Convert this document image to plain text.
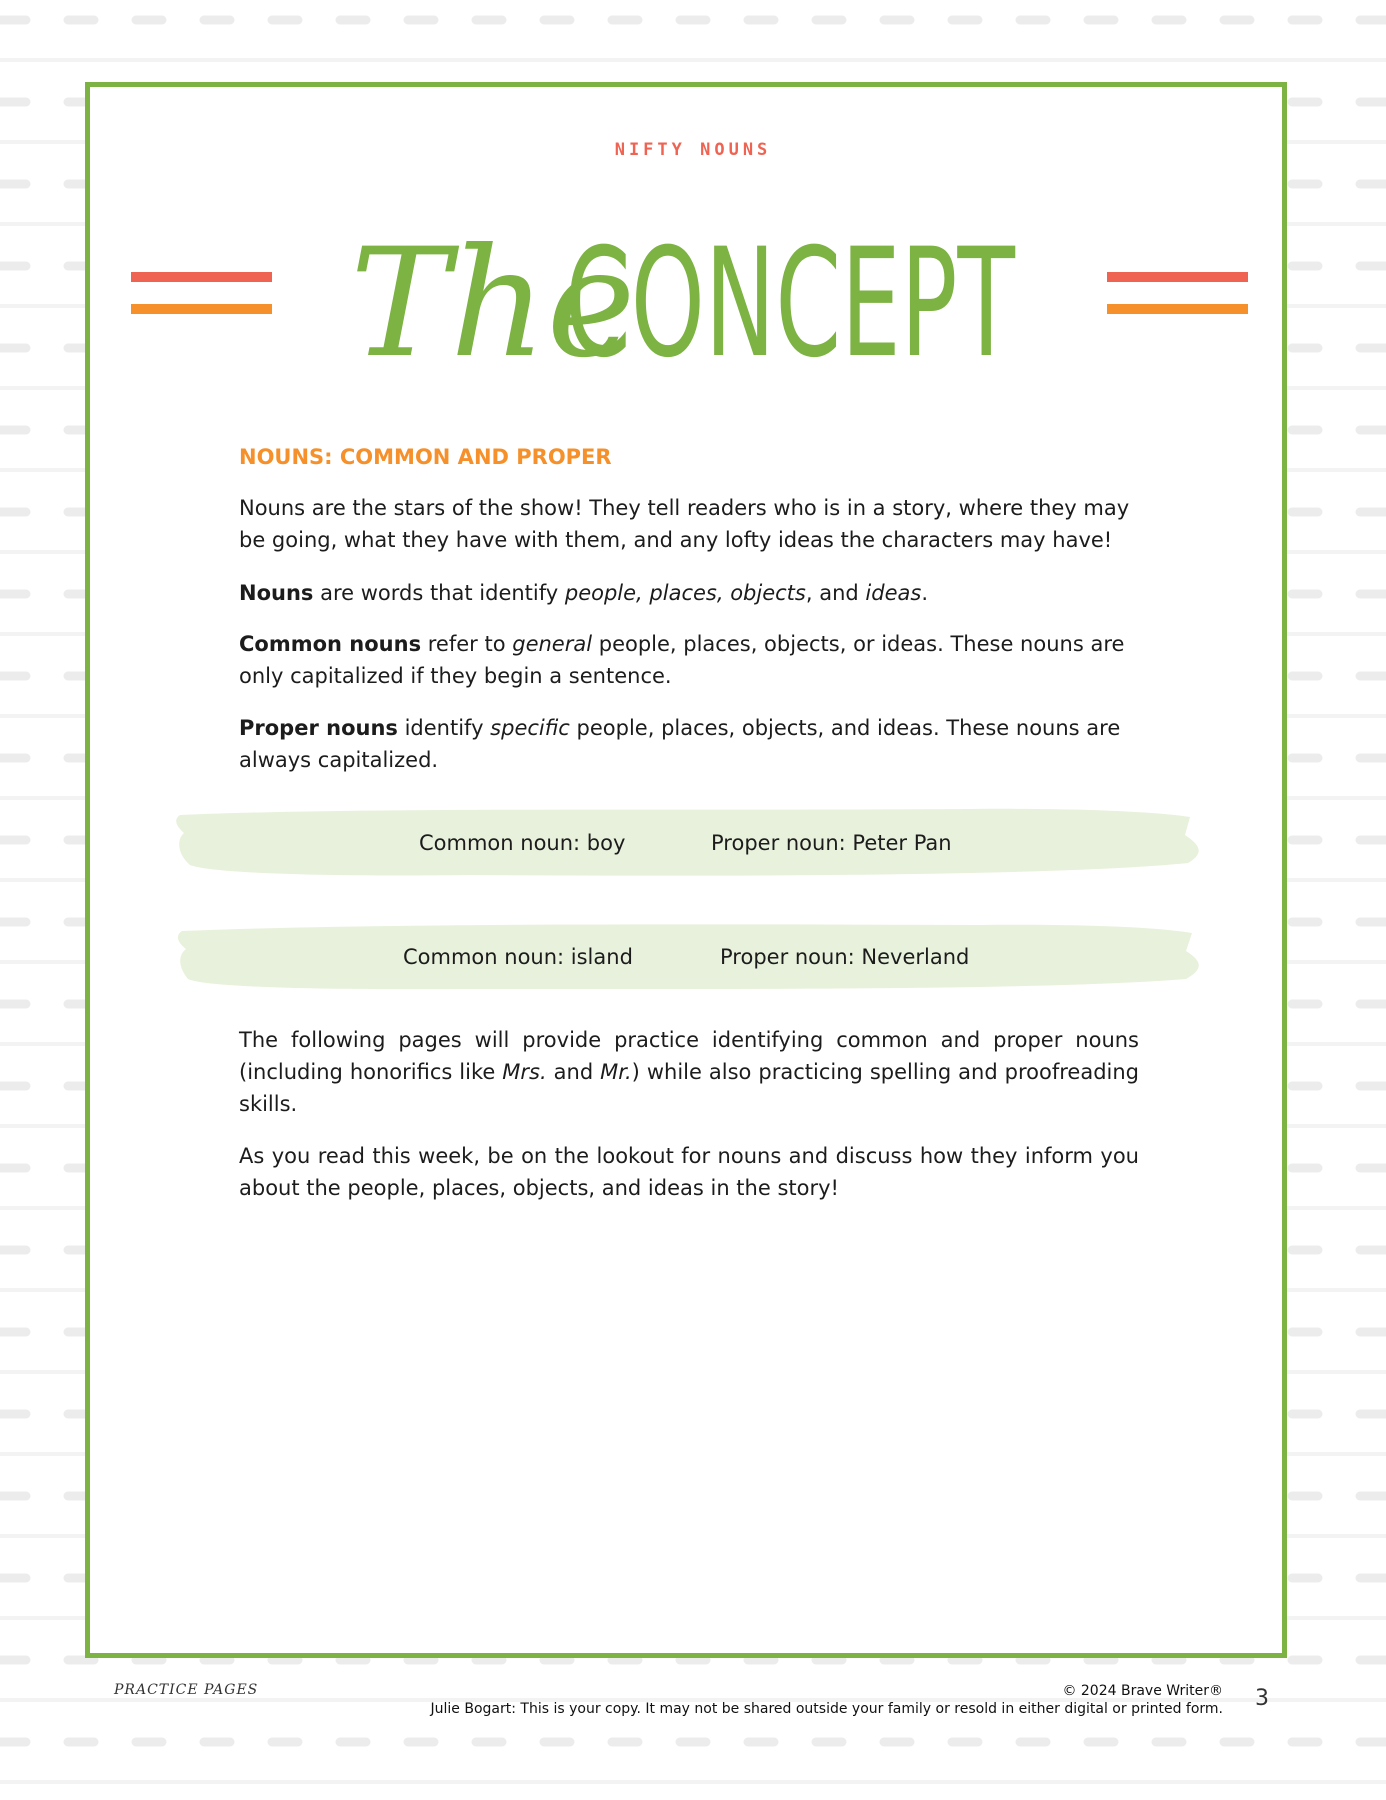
NIFTY NOUNS
The
CONCEPT
NOUNS: COMMON AND PROPER

Nouns are the stars of the show! They tell readers who is in a story, where they may be going, what they have with them, and any lofty ideas the characters may have!

Nouns are words that identify people, places, objects, and ideas.

Common nouns refer to general people, places, objects, or ideas. These nouns are only capitalized if they begin a sentence.

Proper nouns identify specific people, places, objects, and ideas. These nouns are always capitalized.

Common noun: boy	Proper noun: Peter Pan
Common noun: island	Proper noun: Neverland

The following pages will provide practice identifying common and proper nouns (including honorifics like Mrs. and Mr.) while also practicing spelling and proofreading skills.

As you read this week, be on the lookout for nouns and discuss how they inform you about the people, places, objects, and ideas in the story!

PRACTICE PAGES	© 2024 Brave Writer®
Julie Bogart: This is your copy. It may not be shared outside your family or resold in either digital or printed form. 3
